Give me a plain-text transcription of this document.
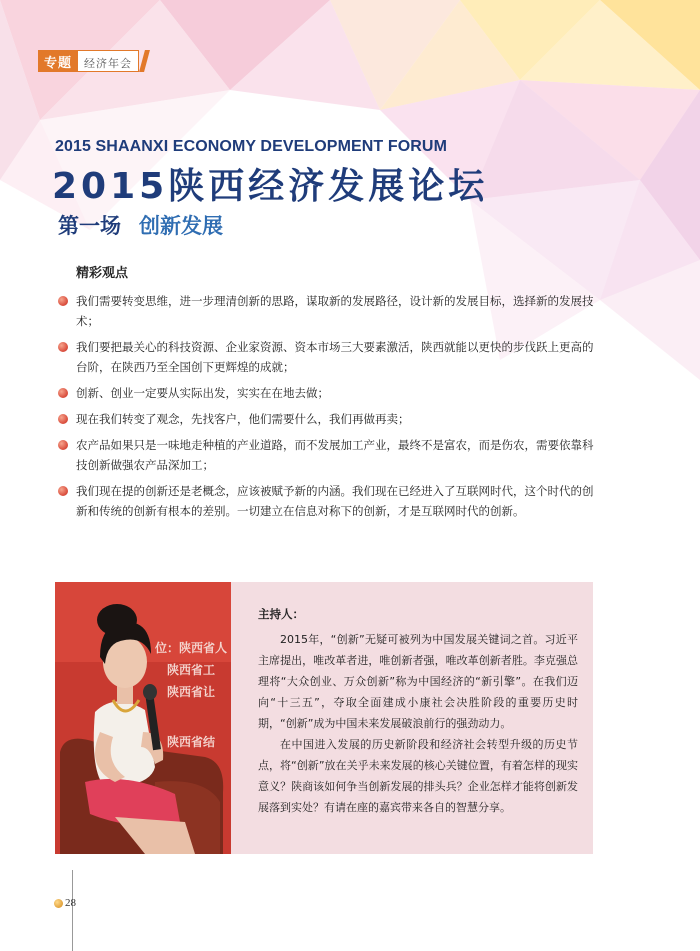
专题	经济年会
2015 SHAANXI ECONOMY DEVELOPMENT FORUM
2015陕西经济发展论坛
第一场 创新发展
精彩观点
我们需要转变思维，进一步理清创新的思路，谋取新的发展路径，设计新的发展目标，选择新的发展技术；
我们要把最关心的科技资源、企业家资源、资本市场三大要素激活，陕西就能以更快的步伐跃上更高的台阶，在陕西乃至全国创下更辉煌的成就；
创新、创业一定要从实际出发，实实在在地去做；
现在我们转变了观念，先找客户，他们需要什么，我们再做再卖；
农产品如果只是一味地走种植的产业道路，而不发展加工产业，最终不是富农，而是伤农，需要依靠科技创新做强农产品深加工；
我们现在提的创新还是老概念，应该被赋予新的内涵。我们现在已经进入了互联网时代，这个时代的创新和传统的创新有根本的差别。一切建立在信息对称下的创新，才是互联网时代的创新。
位：陕西省人
陕西省工
陕西省让
陕西省结
主持人：

2015年，“创新”无疑可被列为中国发展关键词之首。习近平主席提出，唯改革者进，唯创新者强，唯改革创新者胜。李克强总理将“大众创业、万众创新”称为中国经济的“新引擎”。在我们迈向“十三五”，夺取全面建成小康社会决胜阶段的重要历史时期，“创新”成为中国未来发展破浪前行的强劲动力。

在中国进入发展的历史新阶段和经济社会转型升级的历史节点，将“创新”放在关乎未来发展的核心关键位置，有着怎样的现实意义？陕商该如何争当创新发展的排头兵？企业怎样才能将创新发展落到实处？有请在座的嘉宾带来各自的智慧分享。

28
